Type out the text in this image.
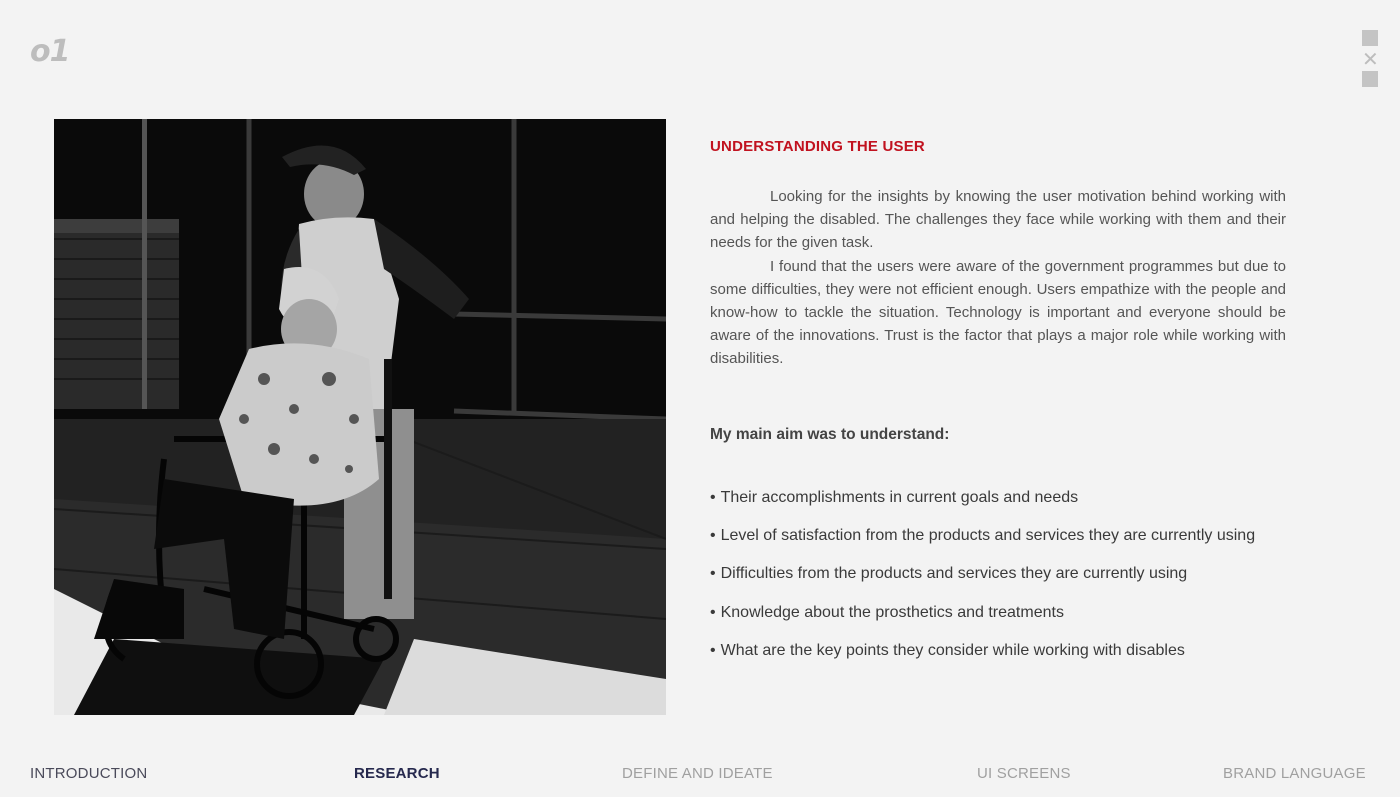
o1	✕
UNDERSTANDING THE USER

Looking for the insights by knowing the user motivation behind working with and helping the disabled. The challenges they face while working with them and their needs for the given task.

I found that the users were aware of the government programmes but due to some difficulties, they were not efficient enough. Users empathize with the people and know-how to tackle the situation. Technology is important and everyone should be aware of the innovations. Trust is the factor that plays a major role while working with disabilities.

My main aim was to understand:
• Their accomplishments in current goals and needs
• Level of satisfaction from the products and services they are currently using
• Difficulties from the products and services they are currently using
• Knowledge about the prosthetics and treatments
• What are the key points they consider while working with disables
INTRODUCTION	RESEARCH	DEFINE AND IDEATE	UI SCREENS	BRAND LANGUAGE
